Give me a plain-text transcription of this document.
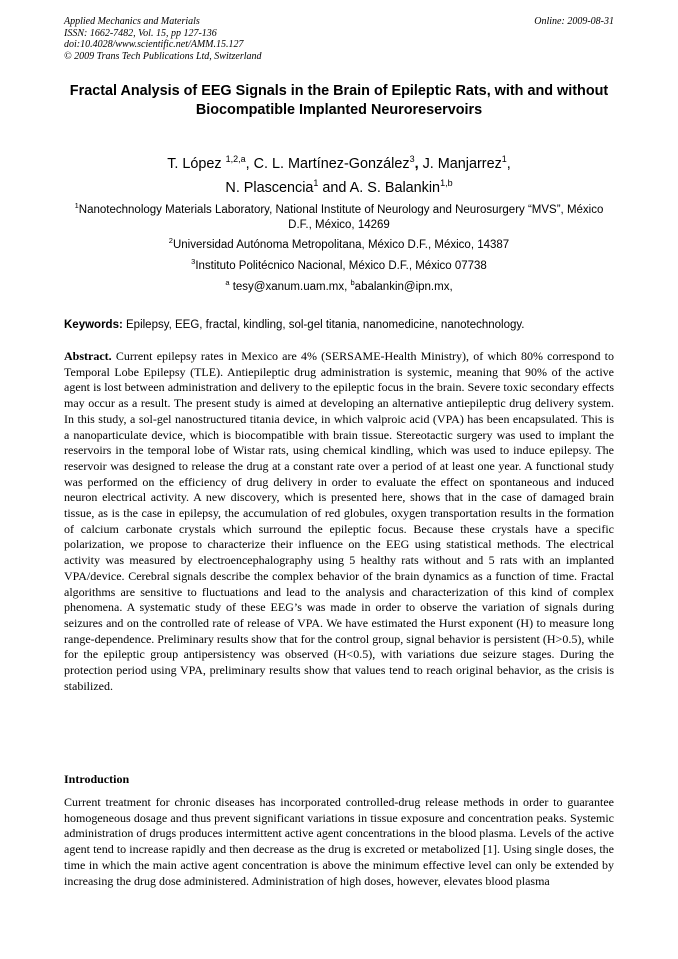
Applied Mechanics and Materials
ISSN: 1662-7482, Vol. 15, pp 127-136
doi:10.4028/www.scientific.net/AMM.15.127
© 2009 Trans Tech Publications Ltd, Switzerland
Online: 2009-08-31
Fractal Analysis of EEG Signals in the Brain of Epileptic Rats, with and without Biocompatible Implanted Neuroreservoirs
T. López $^{1,2,a}$, C. L. Martínez-González$^3$, J. Manjarrez$^1$,
N. Plascencia$^1$ and A. S. Balankin$^{1,b}$
$^1$Nanotechnology Materials Laboratory, National Institute of Neurology and Neurosurgery “MVS”, México D.F., México, 14269
$^2$Universidad Autónoma Metropolitana, México D.F., México, 14387
$^3$Instituto Politécnico Nacional, México D.F., México 07738
$^a$ tesy@xanum.uam.mx, $^b$abalankin@ipn.mx,
Keywords: Epilepsy, EEG, fractal, kindling, sol-gel titania, nanomedicine, nanotechnology.
Abstract. Current epilepsy rates in Mexico are 4% (SERSAME-Health Ministry), of which 80% correspond to Temporal Lobe Epilepsy (TLE). Antiepileptic drug administration is systemic, meaning that 90% of the active agent is lost between administration and delivery to the epileptic focus in the brain. Severe toxic secondary effects may occur as a result. The present study is aimed at developing an alternative antiepileptic drug delivery system. In this study, a sol-gel nanostructured titania device, in which valproic acid (VPA) has been encapsulated. This is a nanoparticulate device, which is biocompatible with brain tissue. Stereotactic surgery was used to implant the reservoirs in the temporal lobe of Wistar rats, using chemical kindling, which was used to induce epilepsy. The reservoir was designed to release the drug at a constant rate over a period of at least one year. A functional study was performed on the efficiency of drug delivery in order to evaluate the effect on spontaneous and induced neuron electrical activity. A new discovery, which is presented here, shows that in the case of damaged brain tissue, as is the case in epilepsy, the accumulation of red globules, oxygen transportation results in the formation of calcium carbonate crystals which surround the epileptic focus. Because these crystals have a specific polarization, we propose to characterize their influence on the EEG using statistical methods. The electrical activity was measured by electroencephalography using 5 healthy rats without and 5 rats with an implanted VPA/device. Cerebral signals describe the complex behavior of the brain dynamics as a function of time. Fractal algorithms are sensitive to fluctuations and lead to the analysis and characterization of this kind of complex phenomena. A systematic study of these EEG’s was made in order to observe the variation of signals during seizures and on the controlled rate of release of VPA. We have estimated the Hurst exponent (H) to measure long range-dependence. Preliminary results show that for the control group, signal behavior is persistent (H>0.5), while for the epileptic group antipersistency was observed (H<0.5), with variations due seizure stages. During the protection period using VPA, preliminary results show that values tend to reach original behavior, as the crisis is stabilized.
Introduction
Current treatment for chronic diseases has incorporated controlled-drug release methods in order to guarantee homogeneous dosage and thus prevent significant variations in tissue exposure and concentration peaks. Systemic administration of drugs produces intermittent active agent concentrations in the blood plasma. Levels of the active agent tend to increase rapidly and then decrease as the drug is excreted or metabolized [1]. Using single doses, the time in which the main active agent concentration is above the minimum effective level can only be extended by increasing the drug dose administered. Administration of high doses, however, elevates blood plasma
